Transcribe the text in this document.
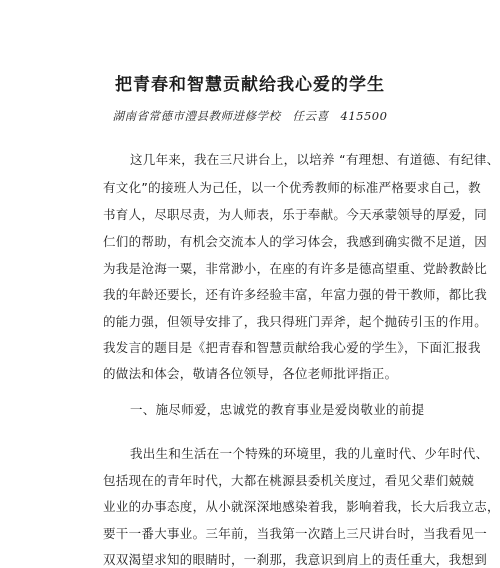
把青春和智慧贡献给我心爱的学生
湖南省常德市澧县教师进修学校　任云喜　415500
这几年来，我在三尺讲台上，以培养 “有理想、有道德、有纪律、
有文化”的接班人为己任，以一个优秀教师的标准严格要求自己，教
书育人，尽职尽责，为人师表，乐于奉献。今天承蒙领导的厚爱，同
仁们的帮助，有机会交流本人的学习体会，我感到确实微不足道，因
为我是沧海一粟，非常渺小，在座的有许多是德高望重、党龄教龄比
我的年龄还要长，还有许多经验丰富，年富力强的骨干教师，都比我
的能力强，但领导安排了，我只得班门弄斧，起个抛砖引玉的作用。
我发言的题目是《把青春和智慧贡献给我心爱的学生》，下面汇报我
的做法和体会，敬请各位领导，各位老师批评指正。
一、施尽师爱，忠诚党的教育事业是爱岗敬业的前提
我出生和生活在一个特殊的环境里，我的儿童时代、少年时代、
包括现在的青年时代，大都在桃源县委机关度过，看见父辈们兢兢
业业的办事态度，从小就深深地感染着我，影响着我，长大后我立志，
要干一番大事业。三年前，当我第一次踏上三尺讲台时，当我看见一
双双渴望求知的眼睛时，一刹那，我意识到肩上的责任重大，我想到
